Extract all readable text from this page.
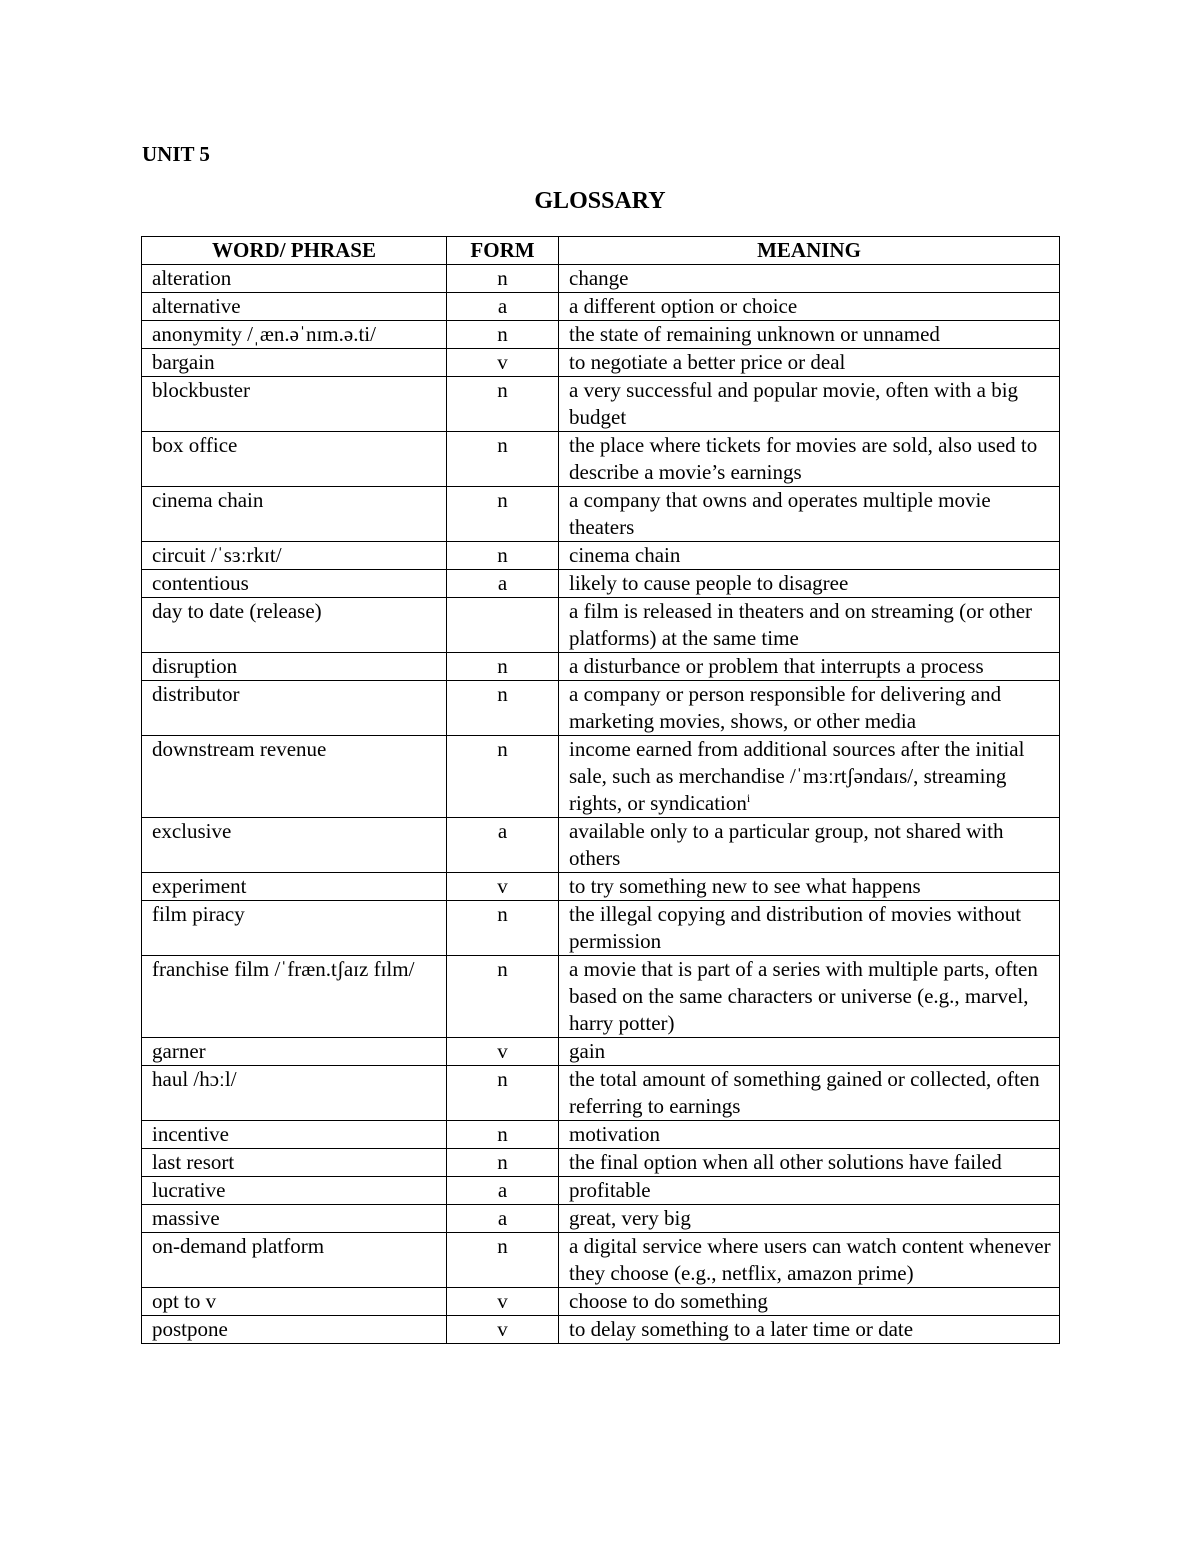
UNIT 5

GLOSSARY

WORD/ PHRASE	FORM	MEANING
alteration	n	change
alternative	a	a different option or choice
anonymity /ˌæn.əˈnɪm.ə.ti/	n	the state of remaining unknown or unnamed
bargain	v	to negotiate a better price or deal
blockbuster	n	a very successful and popular movie, often with a big budget
box office	n	the place where tickets for movies are sold, also used to describe a movie’s earnings
cinema chain	n	a company that owns and operates multiple movie theaters
circuit /ˈsɜːrkɪt/	n	cinema chain
contentious	a	likely to cause people to disagree
day to date (release)		a film is released in theaters and on streaming (or other platforms) at the same time
disruption	n	a disturbance or problem that interrupts a process
distributor	n	a company or person responsible for delivering and marketing movies, shows, or other media
downstream revenue	n	income earned from additional sources after the initial sale, such as merchandise /ˈmɜːrtʃəndaɪs/, streaming rights, or syndication$^i$
exclusive	a	available only to a particular group, not shared with others
experiment	v	to try something new to see what happens
film piracy	n	the illegal copying and distribution of movies without permission
franchise film /ˈfræn.tʃaɪz fɪlm/	n	a movie that is part of a series with multiple parts, often based on the same characters or universe (e.g., marvel, harry potter)
garner	v	gain
haul /hɔːl/	n	the total amount of something gained or collected, often referring to earnings
incentive	n	motivation
last resort	n	the final option when all other solutions have failed
lucrative	a	profitable
massive	a	great, very big
on-demand platform	n	a digital service where users can watch content whenever they choose (e.g., netflix, amazon prime)
opt to v	v	choose to do something
postpone	v	to delay something to a later time or date
